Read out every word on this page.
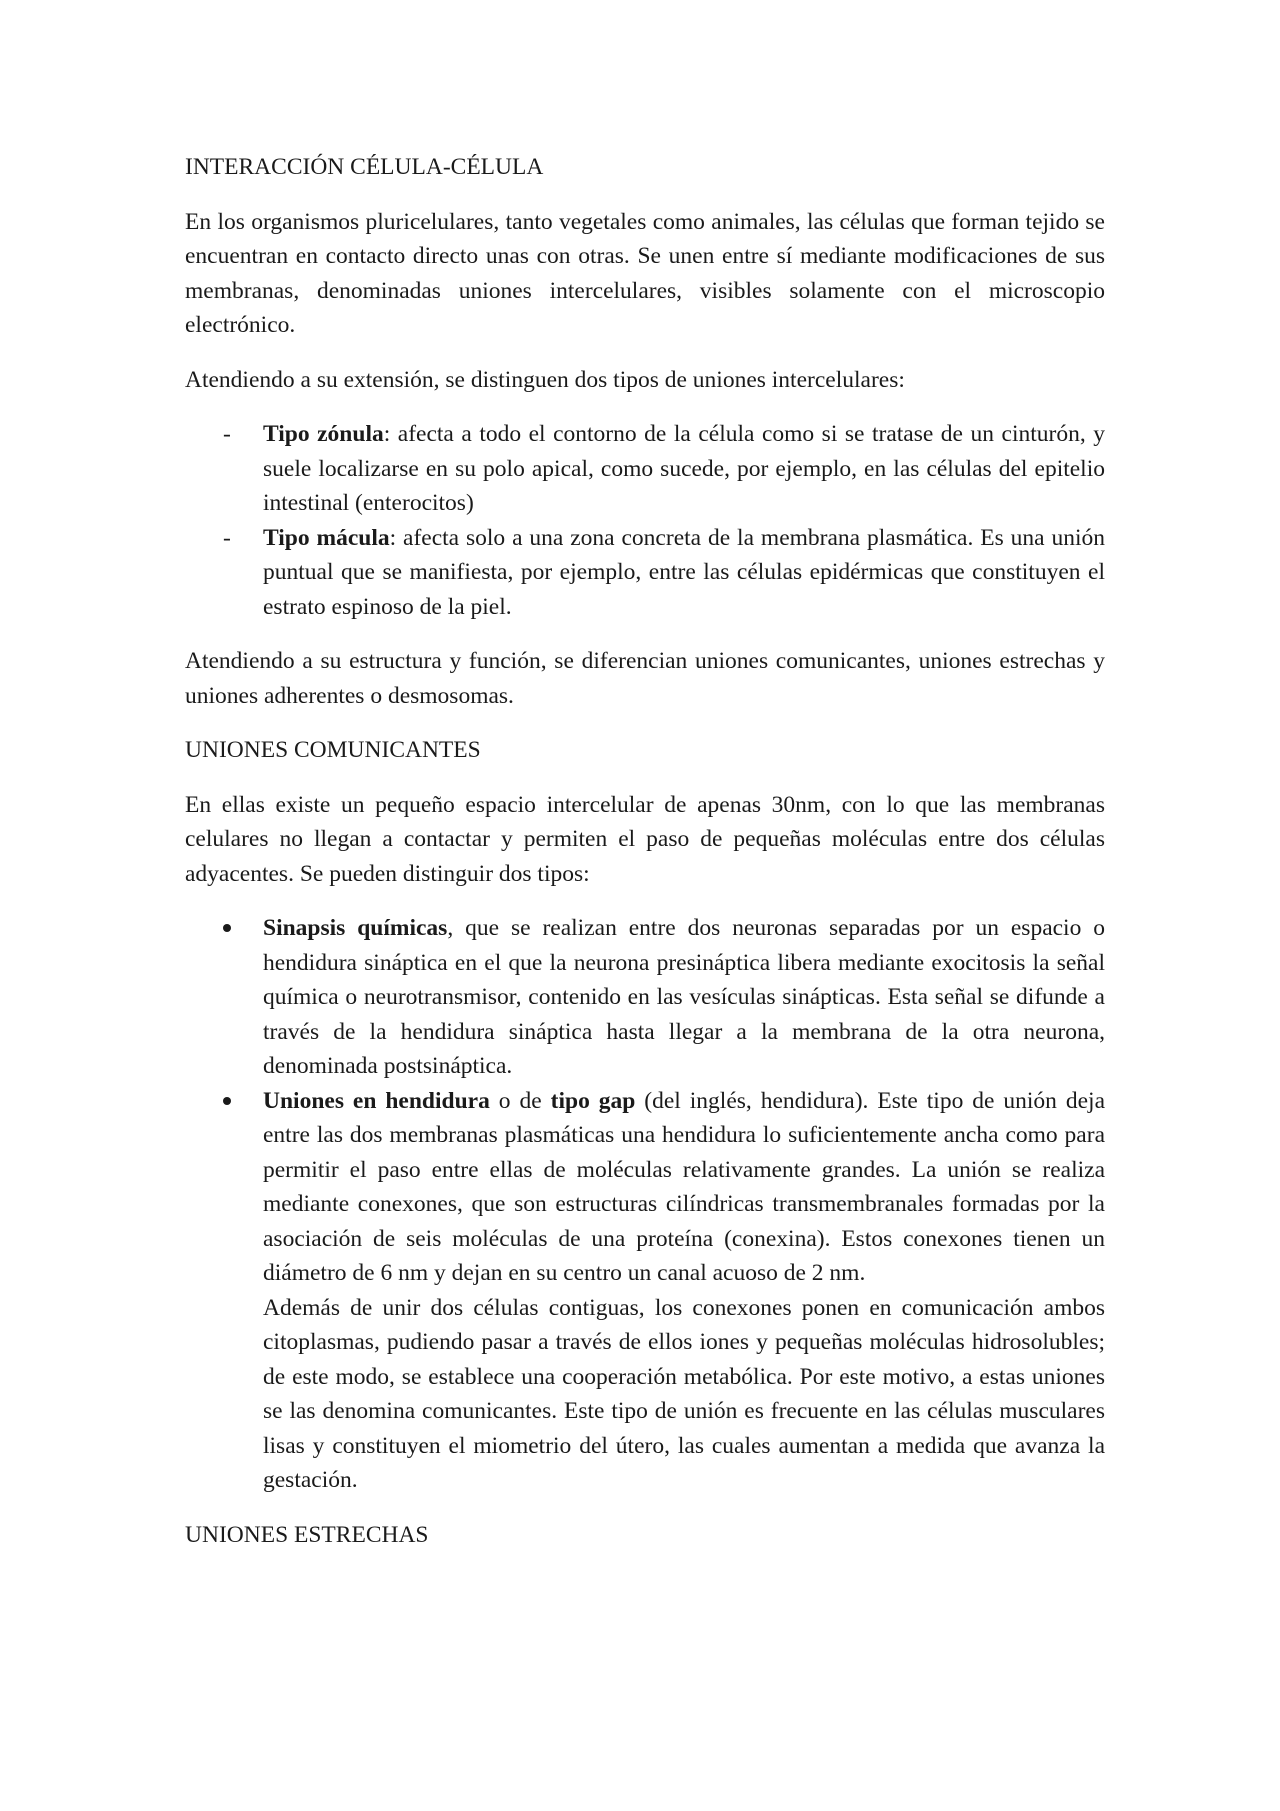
INTERACCIÓN CÉLULA-CÉLULA

En los organismos pluricelulares, tanto vegetales como animales, las células que forman tejido se encuentran en contacto directo unas con otras. Se unen entre sí mediante modificaciones de sus membranas, denominadas uniones intercelulares, visibles solamente con el microscopio electrónico.

Atendiendo a su extensión, se distinguen dos tipos de uniones intercelulares:

-	Tipo zónula: afecta a todo el contorno de la célula como si se tratase de un cinturón, y suele localizarse en su polo apical, como sucede, por ejemplo, en las células del epitelio intestinal (enterocitos)
-	Tipo mácula: afecta solo a una zona concreta de la membrana plasmática. Es una unión puntual que se manifiesta, por ejemplo, entre las células epidérmicas que constituyen el estrato espinoso de la piel.

Atendiendo a su estructura y función, se diferencian uniones comunicantes, uniones estrechas y uniones adherentes o desmosomas.

UNIONES COMUNICANTES

En ellas existe un pequeño espacio intercelular de apenas 30nm, con lo que las membranas celulares no llegan a contactar y permiten el paso de pequeñas moléculas entre dos células adyacentes. Se pueden distinguir dos tipos:

Sinapsis químicas, que se realizan entre dos neuronas separadas por un espacio o hendidura sináptica en el que la neurona presináptica libera mediante exocitosis la señal química o neurotransmisor, contenido en las vesículas sinápticas. Esta señal se difunde a través de la hendidura sináptica hasta llegar a la membrana de la otra neurona, denominada postsináptica.

Uniones en hendidura o de tipo gap (del inglés, hendidura). Este tipo de unión deja entre las dos membranas plasmáticas una hendidura lo suficientemente ancha como para permitir el paso entre ellas de moléculas relativamente grandes. La unión se realiza mediante conexones, que son estructuras cilíndricas transmembranales formadas por la asociación de seis moléculas de una proteína (conexina). Estos conexones tienen un diámetro de 6 nm y dejan en su centro un canal acuoso de 2 nm.

Además de unir dos células contiguas, los conexones ponen en comunicación ambos citoplasmas, pudiendo pasar a través de ellos iones y pequeñas moléculas hidrosolubles; de este modo, se establece una cooperación metabólica. Por este motivo, a estas uniones se las denomina comunicantes. Este tipo de unión es frecuente en las células musculares lisas y constituyen el miometrio del útero, las cuales aumentan a medida que avanza la gestación.

UNIONES ESTRECHAS
